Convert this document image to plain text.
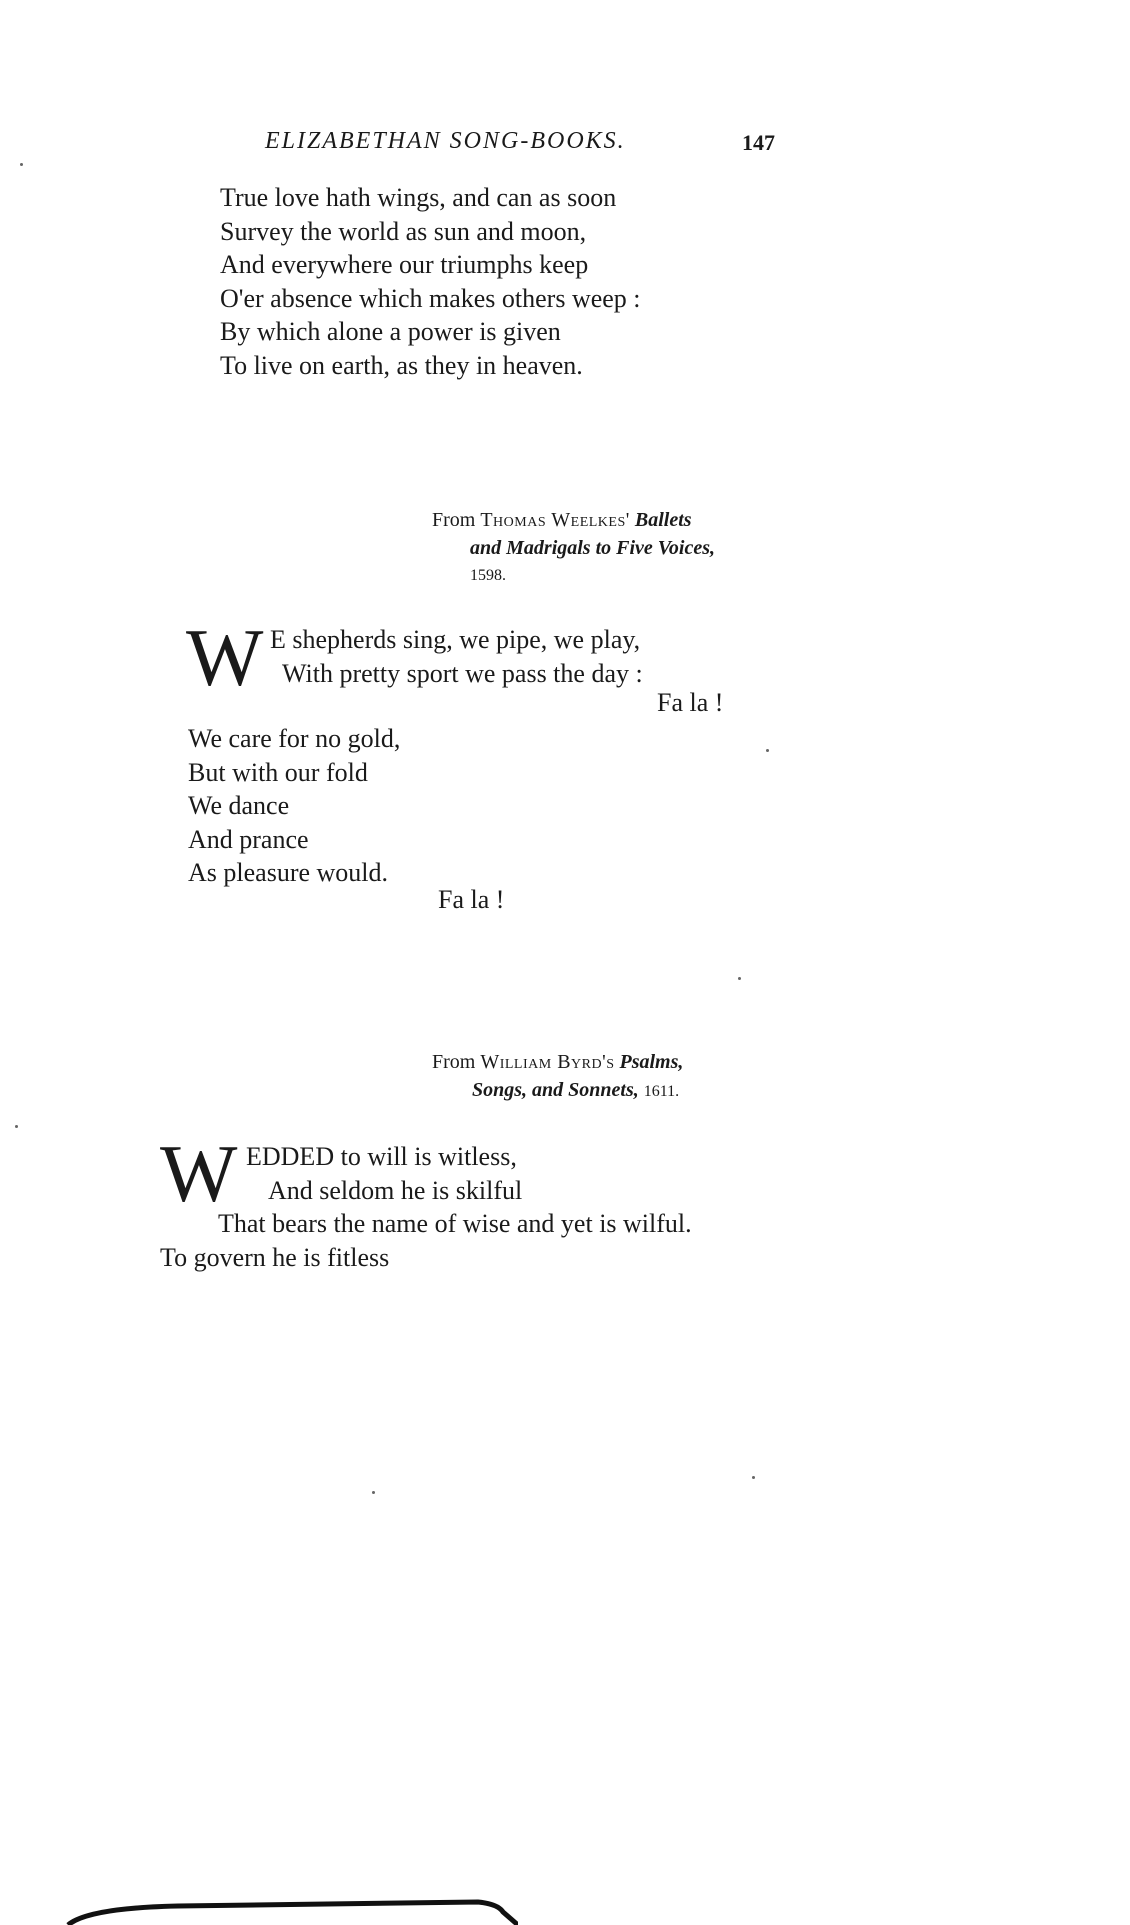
ELIZABETHAN SONG-BOOKS.	147
True love hath wings, and can as soon
Survey the world as sun and moon,
And everywhere our triumphs keep
O'er absence which makes others weep :
By which alone a power is given
To live on earth, as they in heaven.
From Thomas Weelkes' Ballets
and Madrigals to Five Voices,
1598.
W E shepherds sing, we pipe, we play,
With pretty sport we pass the day :
Fa la !
We care for no gold,
But with our fold
We dance
And prance
As pleasure would.
Fa la !
From William Byrd's Psalms,
Songs, and Sonnets, 1611.
W EDDED to will is witless,
And seldom he is skilful
That bears the name of wise and yet is wilful.
To govern he is fitless
